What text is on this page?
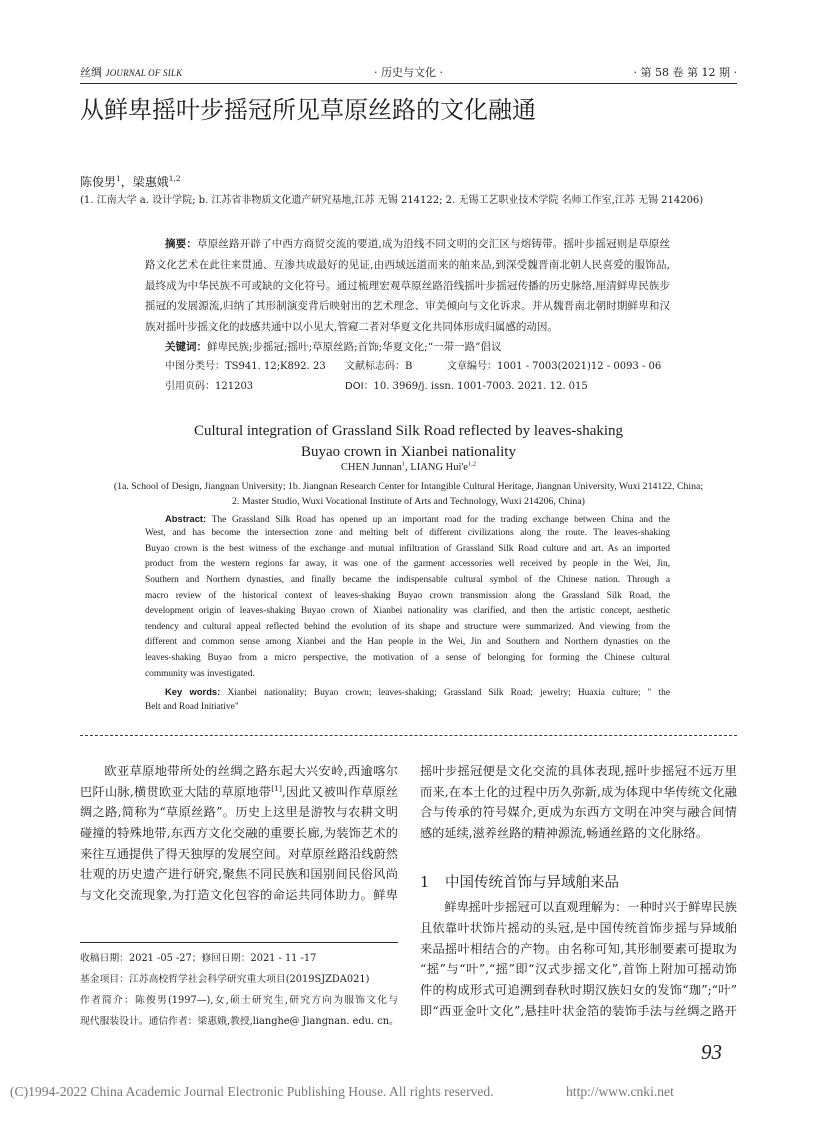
丝绸 JOURNAL OF SILK	· 历史与文化 ·	· 第 58 卷 第 12 期 ·
从鲜卑摇叶步摇冠所见草原丝路的文化融通
陈俊男$^1$，梁惠娥$^{1,2}$
(1. 江南大学 a. 设计学院; b. 江苏省非物质文化遗产研究基地,江苏 无锡 214122; 2. 无锡工艺职业技术学院 名师工作室,江苏 无锡 214206)
摘要：草原丝路开辟了中西方商贸交流的要道,成为沿线不同文明的交汇区与熔铸带。摇叶步摇冠则是草原丝
路文化艺术在此往来贯通、互渗共成最好的见证,由西域远道而来的舶来品,到深受魏晋南北朝人民喜爱的服饰品,
最终成为中华民族不可或缺的文化符号。通过梳理宏观草原丝路沿线摇叶步摇冠传播的历史脉络,厘清鲜卑民族步
摇冠的发展源流,归纳了其形制演变背后映射出的艺术理念、审美倾向与文化诉求。并从魏晋南北朝时期鲜卑和汉
族对摇叶步摇文化的歧感共通中以小见大,管窥二者对华夏文化共同体形成归属感的动因。
关键词：鲜卑民族;步摇冠;摇叶;草原丝路;首饰;华夏文化;“一带一路”倡议
中图分类号：TS941. 12;K892. 23 文献标志码：B	文章编号：1001 - 7003(2021)12 - 0093 - 06
引用页码：121203	DOI：10. 3969/j. issn. 1001-7003. 2021. 12. 015
Cultural integration of Grassland Silk Road reflected by leaves-shaking
Buyao crown in Xianbei nationality
CHEN Junnan$^1$, LIANG $Hui'e^{1,2}$
(1a. School of Design, Jiangnan University; 1b. Jiangnan Research Center for Intangible Cultural Heritage, Jiangnan University, Wuxi 214122, China;
2. Master Studio, Wuxi Vocational Institute of Arts and Technology, Wuxi 214206, China)
Abstract: The Grassland Silk Road has opened up an important road for the trading exchange between China and the
West, and has become the intersection zone and melting belt of different civilizations along the route. The leaves-shaking
Buyao crown is the best witness of the exchange and mutual infiltration of Grassland Silk Road culture and art. As an imported
product from the western regions far away, it was one of the garment accessories well received by people in the Wei, Jin,
Southern and Northern dynasties, and finally became the indispensable cultural symbol of the Chinese nation. Through a
macro review of the historical context of leaves-shaking Buyao crown transmission along the Grassland Silk Road, the
development origin of leaves-shaking Buyao crown of Xianbei nationality was clarified, and then the artistic concept, aesthetic
tendency and cultural appeal reflected behind the evolution of its shape and structure were summarized. And viewing from the
different and common sense among Xianbei and the Han people in the Wei, Jin and Southern and Northern dynasties on the
leaves-shaking Buyao from a micro perspective, the motivation of a sense of belonging for forming the Chinese cultural
community was investigated.
Key words: Xianbei nationality; Buyao crown; leaves-shaking; Grassland Silk Road; jewelry; Huaxia culture; " the
Belt and Road Initiative"
欧亚草原地带所处的丝绸之路东起大兴安岭,西逾喀尔
巴阡山脉,横贯欧亚大陆的草原地带[1],因此又被叫作草原丝
绸之路,简称为“草原丝路”。历史上这里是游牧与农耕文明
碰撞的特殊地带,东西方文化交融的重要长廊,为装饰艺术的
来往互通提供了得天独厚的发展空间。对草原丝路沿线蔚然
壮观的历史遗产进行研究,聚焦不同民族和国别间民俗风尚
与文化交流现象,为打造文化包容的命运共同体助力。鲜卑
收稿日期：2021 -05 -27；修回日期：2021 - 11 -17
基金项目：江苏高校哲学社会科学研究重大项目(2019SJZDA021)
作者简介：陈俊男(1997—),女,硕士研究生,研究方向为服饰文化与
现代服装设计。通信作者：梁惠娥,教授,lianghe@ Jiangnan. edu. cn。
摇叶步摇冠便是文化交流的具体表现,摇叶步摇冠不远万里
而来,在本土化的过程中历久弥新,成为体现中华传统文化融
合与传承的符号媒介,更成为东西方文明在冲突与融合间情
感的延续,滋养丝路的精神源流,畅通丝路的文化脉络。
1 中国传统首饰与异域舶来品
鲜卑摇叶步摇冠可以直观理解为：一种时兴于鲜卑民族
且依靠叶状饰片摇动的头冠,是中国传统首饰步摇与异域舶
来品摇叶相结合的产物。由名称可知,其形制要素可提取为
“摇”与“叶”,“摇”即“汉式步摇文化”,首饰上附加可摇动饰
件的构成形式可追溯到春秋时期汉族妇女的发饰“珈”;“叶”
即“西亚金叶文化”,悬挂叶状金箔的装饰手法与丝绸之路开
93
(C)1994-2022 China Academic Journal Electronic Publishing House. All rights reserved.	http://www.cnki.net
